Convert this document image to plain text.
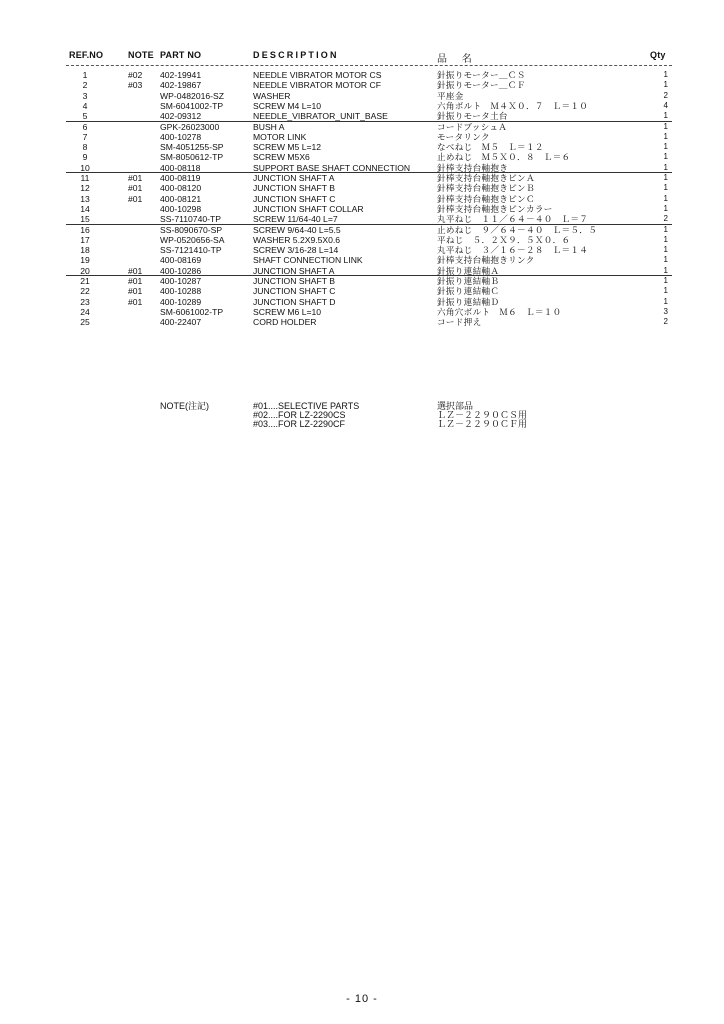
REF.NO	NOTE PART NO	DESCRIPTION	品 名	Qty
1	#02 402-19941	NEEDLE VIBRATOR MOTOR CS	針振りモーター＿ＣＳ	1
2	#03 402-19867	NEEDLE VIBRATOR MOTOR CF	針振りモーター＿ＣＦ	1
3	WP-0482016-SZ	WASHER	平座金	2
4	SM-6041002-TP	SCREW M4 L=10	六角ボルト　Ｍ４Ｘ０．７　Ｌ＝１０	4
5	402-09312	NEEDLE_VIBRATOR_UNIT_BASE	針振りモータ土台	1
6	GPK-26023000	BUSH A	コードブッシュＡ	1
7	400-10278	MOTOR LINK	モータリンク	1
8	SM-4051255-SP	SCREW M5 L=12	なべねじ　Ｍ５　Ｌ＝１２	1
9	SM-8050612-TP	SCREW M5X6	止めねじ　Ｍ５Ｘ０．８　Ｌ＝６	1
10	400-08118	SUPPORT BASE SHAFT CONNECTION	針棒支持台軸抱き	1
11	#01 400-08119	JUNCTION SHAFT A	針棒支持台軸抱きピンＡ	1
12	#01 400-08120	JUNCTION SHAFT B	針棒支持台軸抱きピンＢ	1
13	#01 400-08121	JUNCTION SHAFT C	針棒支持台軸抱きピンＣ	1
14	400-10298	JUNCTION SHAFT COLLAR	針棒支持台軸抱きピンカラー	1
15	SS-7110740-TP	SCREW 11/64-40 L=7	丸平ねじ　１１／６４－４０　Ｌ＝７	2
16	SS-8090670-SP	SCREW 9/64-40 L=5.5	止めねじ　９／６４－４０　Ｌ＝５．５	1
17	WP-0520656-SA	WASHER 5.2X9.5X0.6	平ねじ　５．２Ｘ９．５Ｘ０．６	1
18	SS-7121410-TP	SCREW 3/16-28 L=14	丸平ねじ　３／１６－２８　Ｌ＝１４	1
19	400-08169	SHAFT CONNECTION LINK	針棒支持台軸抱きリンク	1
20	#01 400-10286	JUNCTION SHAFT A	針振り連結軸Ａ	1
21	#01 400-10287	JUNCTION SHAFT B	針振り連結軸Ｂ	1
22	#01 400-10288	JUNCTION SHAFT C	針振り連結軸Ｃ	1
23	#01 400-10289	JUNCTION SHAFT D	針振り連結軸Ｄ	1
24	SM-6061002-TP	SCREW M6 L=10	六角穴ボルト　Ｍ６　Ｌ＝１０	3
25	400-22407	CORD HOLDER	コード押え	2
NOTE(注記)	#01....SELECTIVE PARTS
#02....FOR LZ-2290CS
#03....FOR LZ-2290CF
選択部品
ＬＺ－２２９０ＣＳ用
ＬＺ－２２９０ＣＦ用
- 10 -
